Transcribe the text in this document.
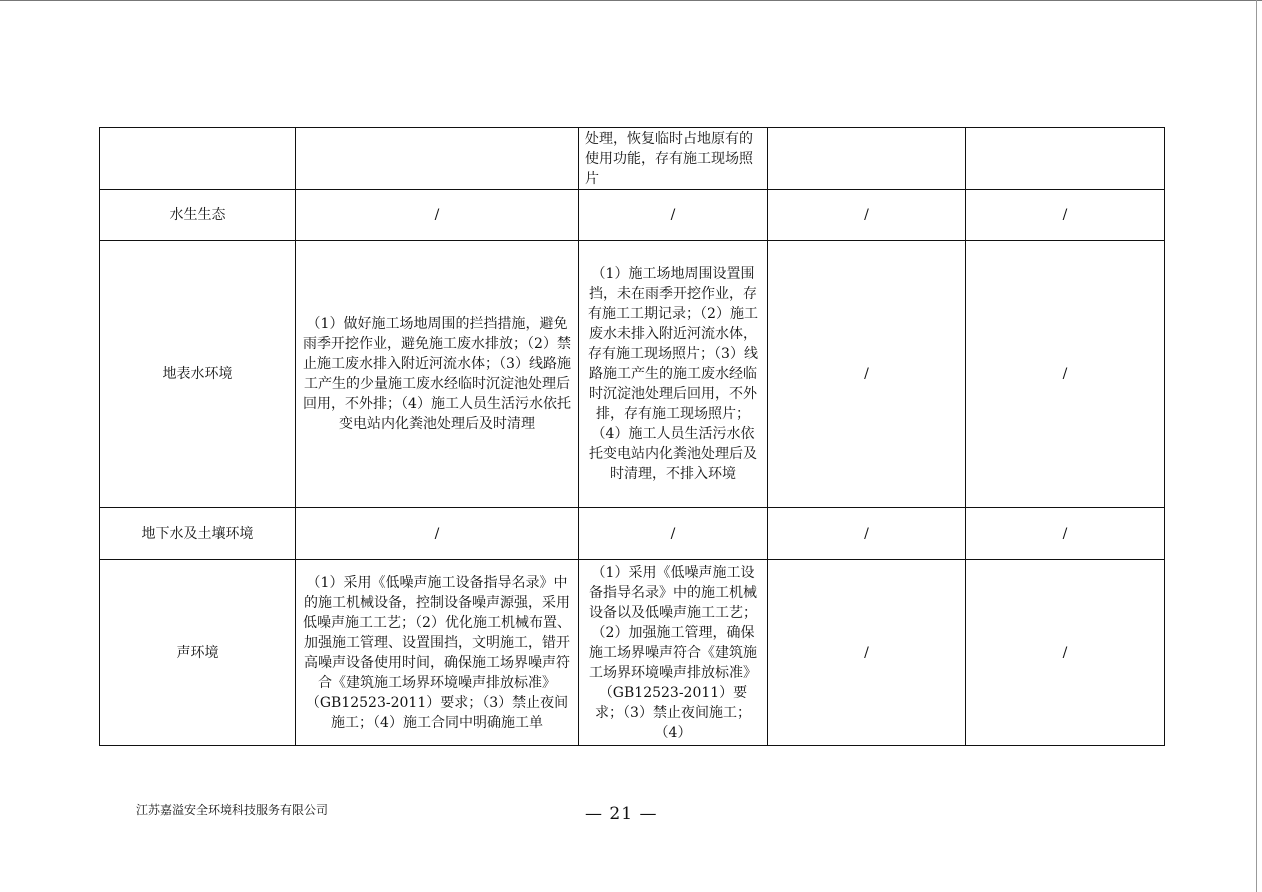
		处理，恢复临时占地原有的使用功能，存有施工现场照片		
水生生态	/	/	/	/
地表水环境	（1）做好施工场地周围的拦挡措施，避免雨季开挖作业，避免施工废水排放；（2）禁止施工废水排入附近河流水体；（3）线路施工产生的少量施工废水经临时沉淀池处理后回用，不外排；（4）施工人员生活污水依托变电站内化粪池处理后及时清理	（1）施工场地周围设置围挡，未在雨季开挖作业，存有施工工期记录；（2）施工废水未排入附近河流水体，存有施工现场照片；（3）线路施工产生的施工废水经临时沉淀池处理后回用，不外排，存有施工现场照片；（4）施工人员生活污水依托变电站内化粪池处理后及时清理，不排入环境	/	/
地下水及土壤环境	/	/	/	/
声环境	（1）采用《低噪声施工设备指导名录》中的施工机械设备，控制设备噪声源强，采用低噪声施工工艺；（2）优化施工机械布置、加强施工管理、设置围挡，文明施工，错开高噪声设备使用时间，确保施工场界噪声符合《建筑施工场界环境噪声排放标准》（GB12523-2011）要求；（3）禁止夜间施工；（4）施工合同中明确施工单	（1）采用《低噪声施工设备指导名录》中的施工机械设备以及低噪声施工工艺；（2）加强施工管理，确保施工场界噪声符合《建筑施工场界环境噪声排放标准》（GB12523-2011）要求；（3）禁止夜间施工；（4）	/	/
江苏嘉溢安全环境科技服务有限公司	— 21 —
